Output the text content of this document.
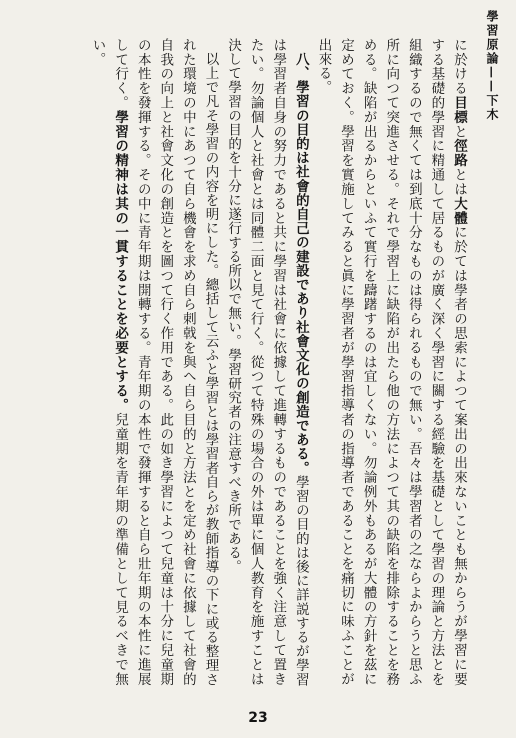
學習原論——下木

に於ける目標と徑路とは大體に於ては學者の思索によつて案出の出來ないことも無からうが學習に要する基礎的學習に精通して居るものが廣く深く學習に關する經驗を基礎として學習の理論と方法とを組織するので無くては到底十分なものは得られるもので無い。吾々は學習者の之ならよからうと思ふ所に向つて突進させる。それで學習上に缺陷が出たら他の方法によつて其の缺陷を排除することを務める。缺陷が出るからといふて實行を躊躇するのは宜しくない。勿論例外もあるが大體の方針を茲に定めておく。學習を實施してみると眞に學習者が學習指導者の指導者であることを痛切に味ふことが出來る。

八、學習の目的は社會的自己の建設であり社會文化の創造である。學習の目的は後に詳説するが學習は學習者自身の努力であると共に學習は社會に依據して進轉するものであることを強く注意して置きたい。勿論個人と社會とは同體二面と見て行く。從つて特殊の場合の外は單に個人教育を施すことは決して學習の目的を十分に遂行する所以で無い。學習研究者の注意すべき所である。

以上で凡そ學習の内容を明にした。總括して云ふと學習とは學習者自らが教師指導の下に或る整理された環境の中にあつて自ら機會を求め自ら刺戟を與へ自ら目的と方法とを定め社會に依據して社會的自我の向上と社會文化の創造とを圖つて行く作用である。此の如き學習によつて兒童は十分に兒童期の本性を發揮する。その中に青年期は開轉する。青年期の本性で發揮すると自ら壯年期の本性に進展して行く。學習の精神は其の一貫することを必要とする。兒童期を青年期の準備として見るべきで無い。

23
